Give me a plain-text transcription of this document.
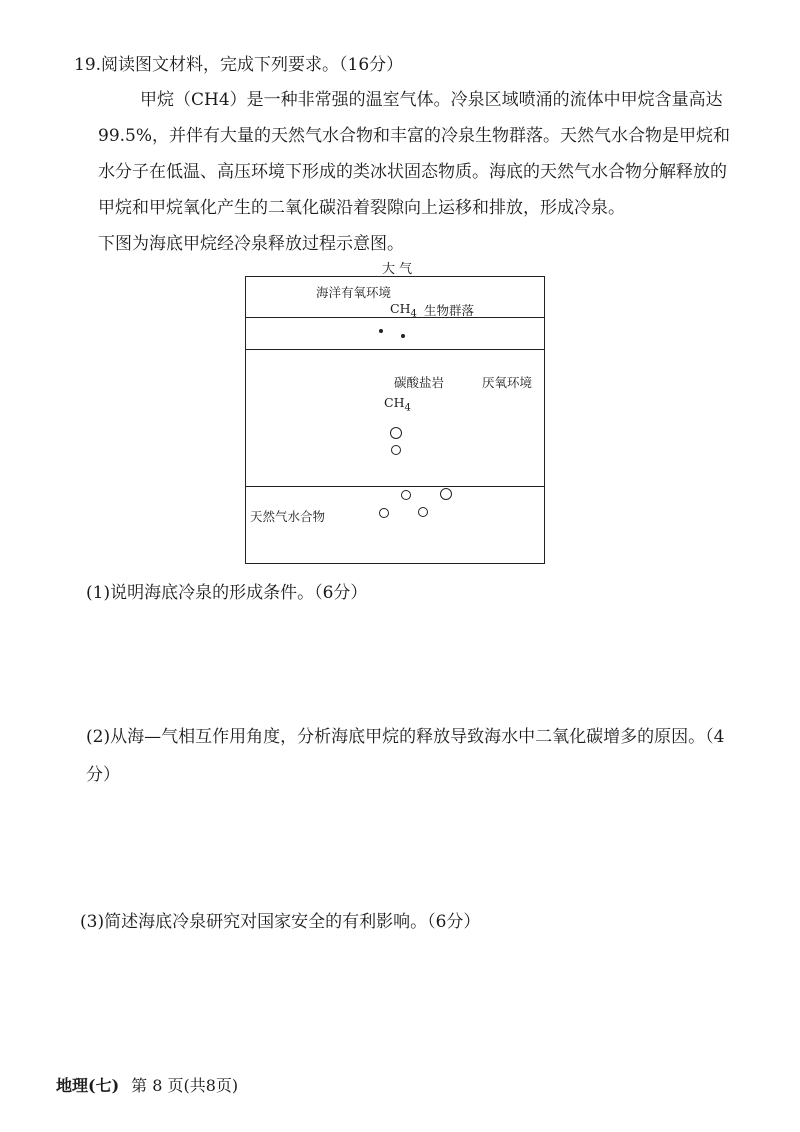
19.阅读图文材料，完成下列要求。（16分）
甲烷（CH4）是一种非常强的温室气体。冷泉区域喷涌的流体中甲烷含量高达99.5%，并伴有大量的天然气水合物和丰富的冷泉生物群落。天然气水合物是甲烷和水分子在低温、高压环境下形成的类冰状固态物质。海底的天然气水合物分解释放的甲烷和甲烷氧化产生的二氧化碳沿着裂隙向上运移和排放，形成冷泉。
下图为海底甲烷经冷泉释放过程示意图。
大 气
海洋有氧环境
$CH_4$ 生物群落
碳酸盐岩	厌氧环境
$CH_4$
天然气水合物
(1)说明海底冷泉的形成条件。（6分）
(2)从海—气相互作用角度，分析海底甲烷的释放导致海水中二氧化碳增多的原因。（4分）
(3)简述海底冷泉研究对国家安全的有利影响。（6分）
地理(七) 第 8 页(共8页)
